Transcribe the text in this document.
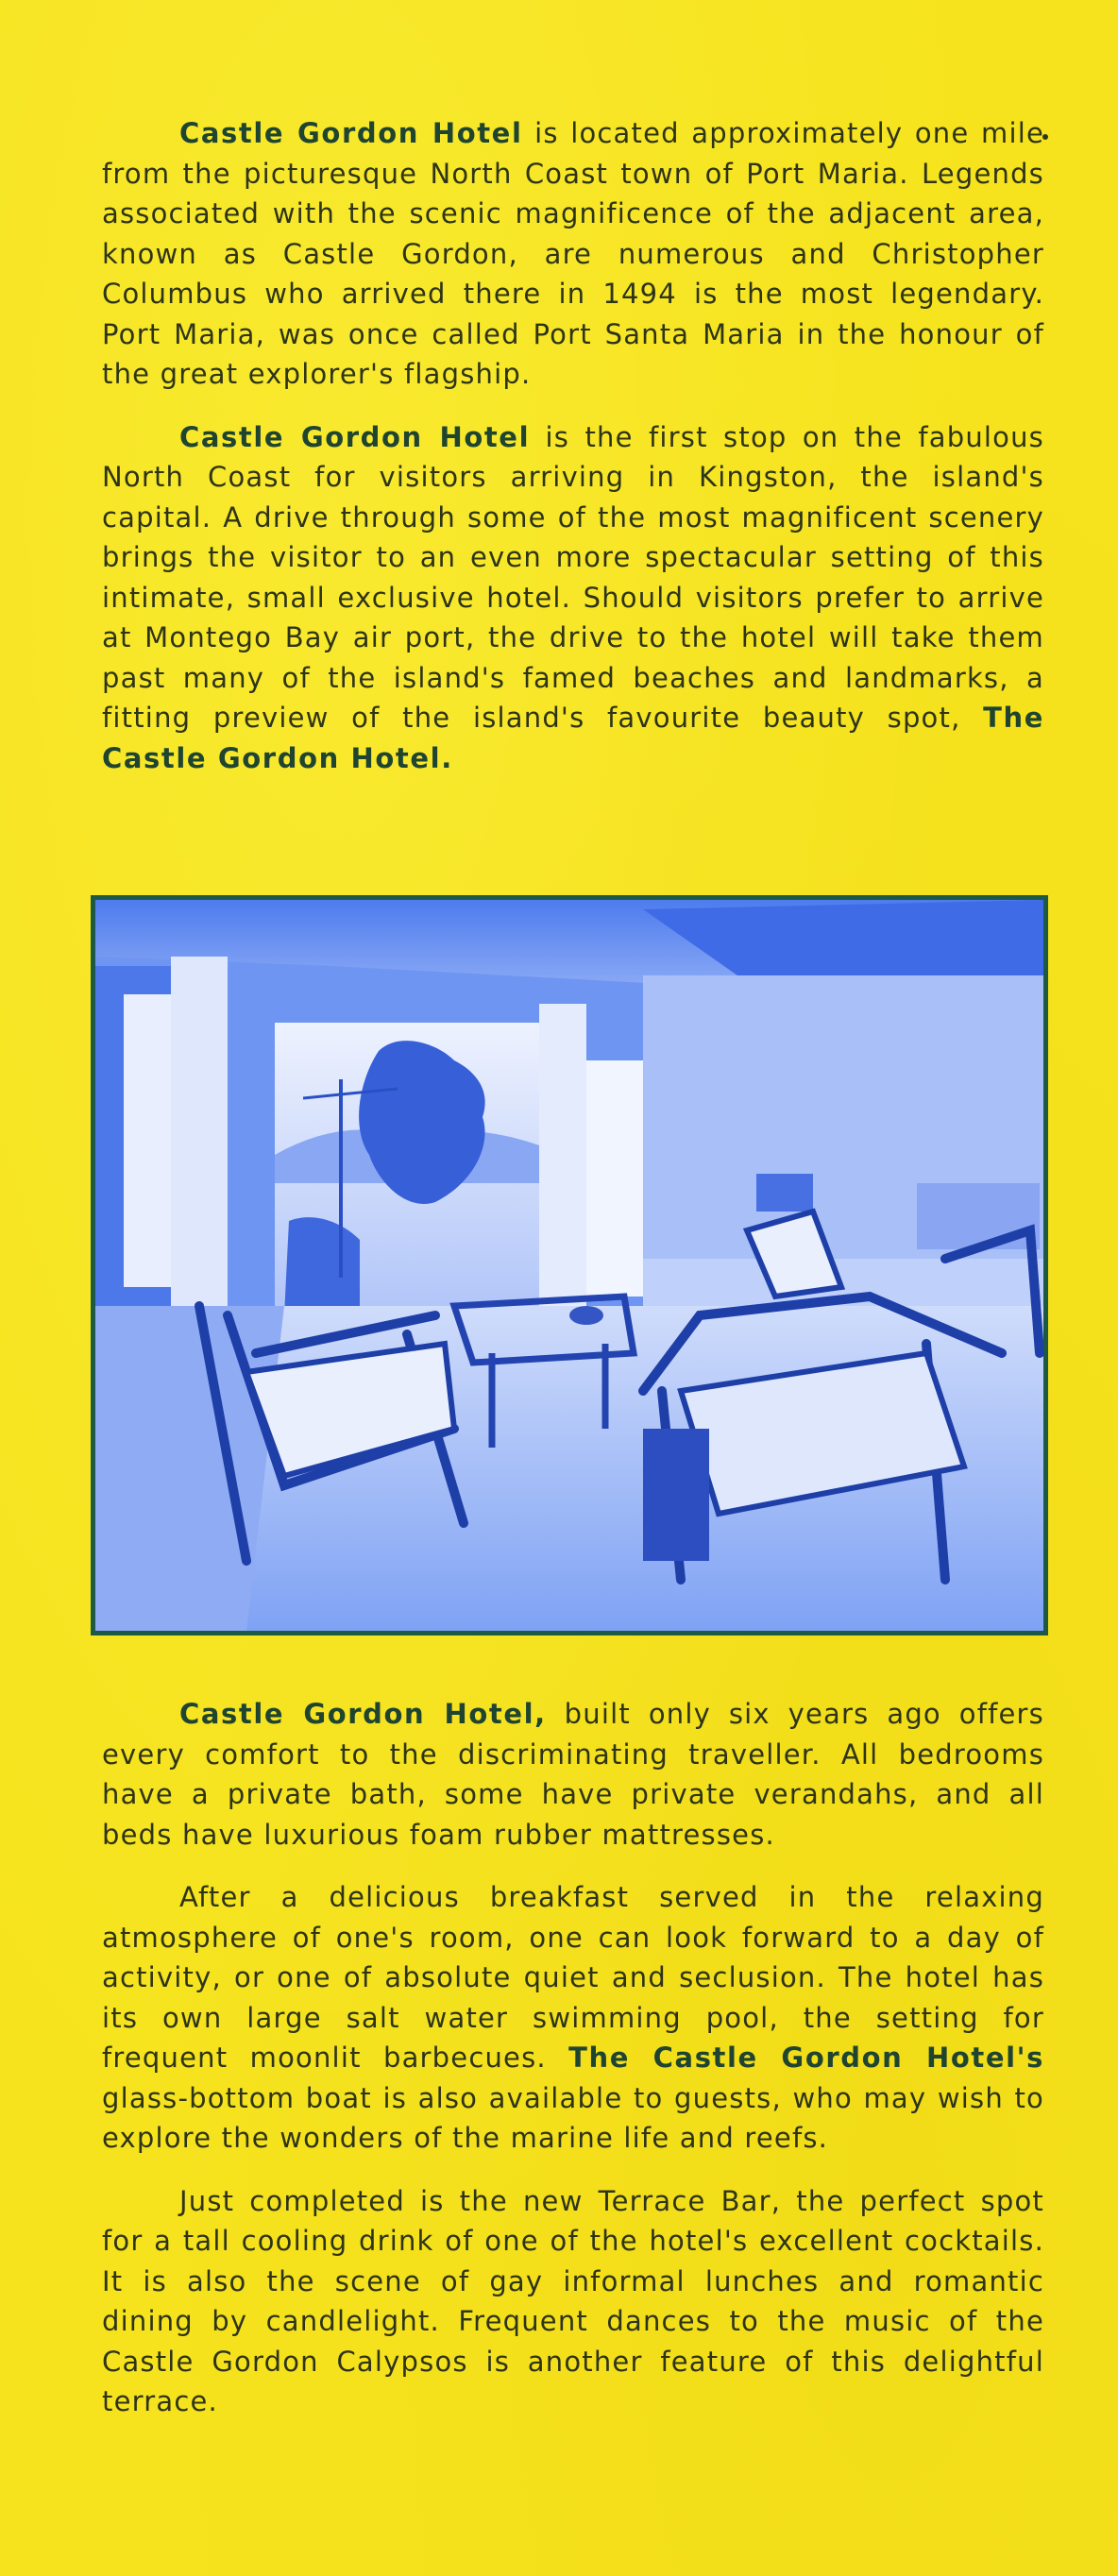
Castle Gordon Hotel is located approximately one mile from the picturesque North Coast town of Port Maria. Legends associated with the scenic magnificence of the adjacent area, known as Castle Gordon, are numerous and Christopher Columbus who arrived there in 1494 is the most legendary. Port Maria, was once called Port Santa Maria in the honour of the great explorer's flagship.

Castle Gordon Hotel is the first stop on the fabulous North Coast for visitors arriving in Kingston, the island's capital. A drive through some of the most magnificent scenery brings the visitor to an even more spectacular setting of this intimate, small exclusive hotel. Should visitors prefer to arrive at Montego Bay air port, the drive to the hotel will take them past many of the island's famed beaches and landmarks, a fitting preview of the island's favourite beauty spot, The Castle Gordon Hotel.

Castle Gordon Hotel, built only six years ago offers every comfort to the discriminating traveller. All bedrooms have a private bath, some have private verandahs, and all beds have luxurious foam rubber mattresses.

After a delicious breakfast served in the relaxing atmosphere of one's room, one can look forward to a day of activity, or one of absolute quiet and seclusion. The hotel has its own large salt water swimming pool, the setting for frequent moonlit barbecues. The Castle Gordon Hotel's glass-bottom boat is also available to guests, who may wish to explore the wonders of the marine life and reefs.

Just completed is the new Terrace Bar, the perfect spot for a tall cooling drink of one of the hotel's excellent cocktails. It is also the scene of gay informal lunches and romantic dining by candlelight. Frequent dances to the music of the Castle Gordon Calypsos is another feature of this delightful terrace.
